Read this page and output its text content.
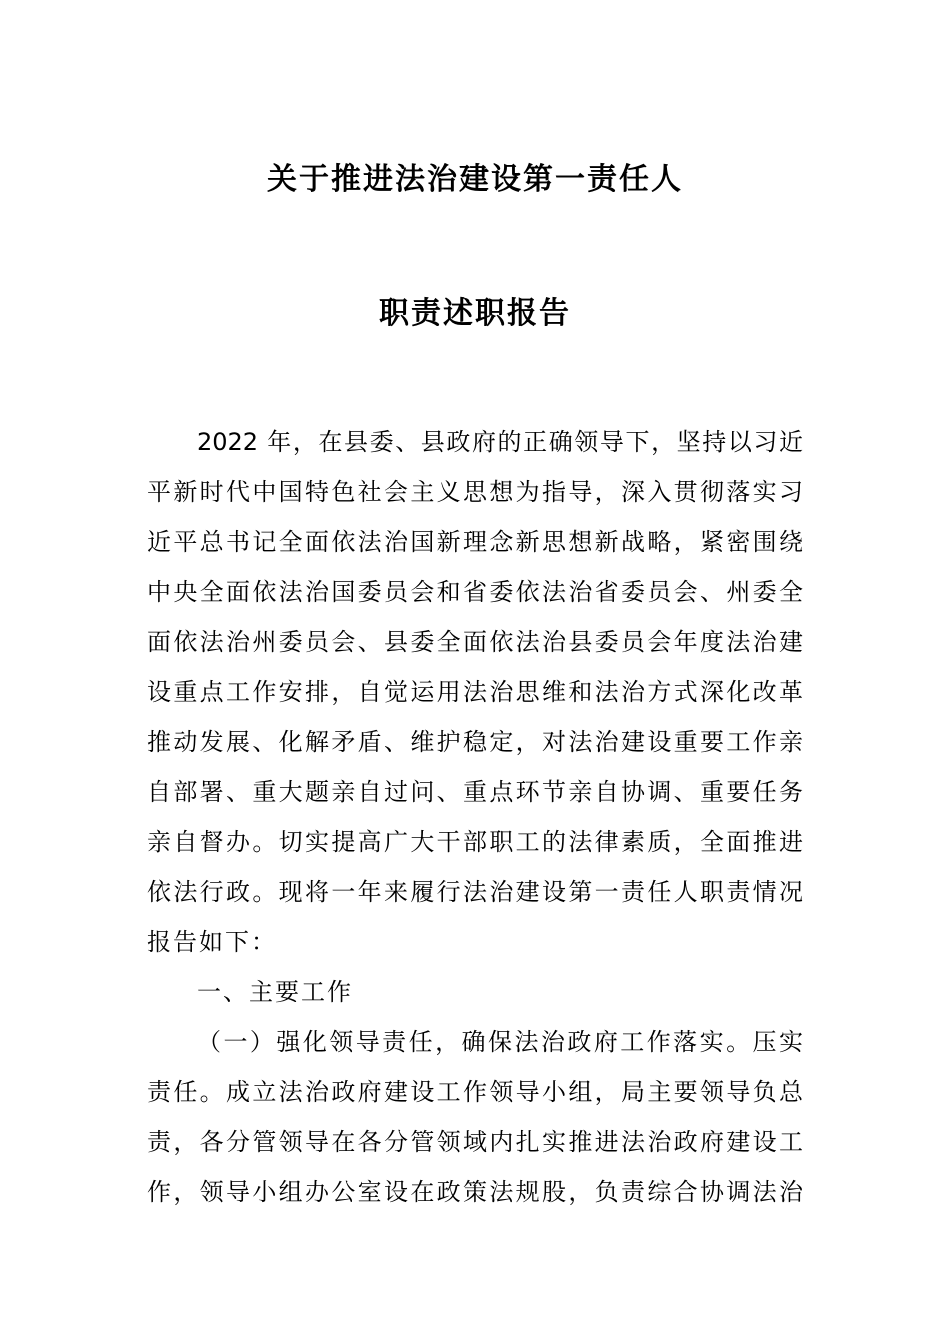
关于推进法治建设第一责任人
职责述职报告
2022 年，在县委、县政府的正确领导下，坚持以习近
平新时代中国特色社会主义思想为指导，深入贯彻落实习
近平总书记全面依法治国新理念新思想新战略，紧密围绕
中央全面依法治国委员会和省委依法治省委员会、州委全
面依法治州委员会、县委全面依法治县委员会年度法治建
设重点工作安排，自觉运用法治思维和法治方式深化改革
推动发展、化解矛盾、维护稳定，对法治建设重要工作亲
自部署、重大题亲自过问、重点环节亲自协调、重要任务
亲自督办。切实提高广大干部职工的法律素质，全面推进
依法行政。现将一年来履行法治建设第一责任人职责情况
报告如下：
一、主要工作
（一）强化领导责任，确保法治政府工作落实。压实
责任。成立法治政府建设工作领导小组，局主要领导负总
责，各分管领导在各分管领域内扎实推进法治政府建设工
作，领导小组办公室设在政策法规股，负责综合协调法治
